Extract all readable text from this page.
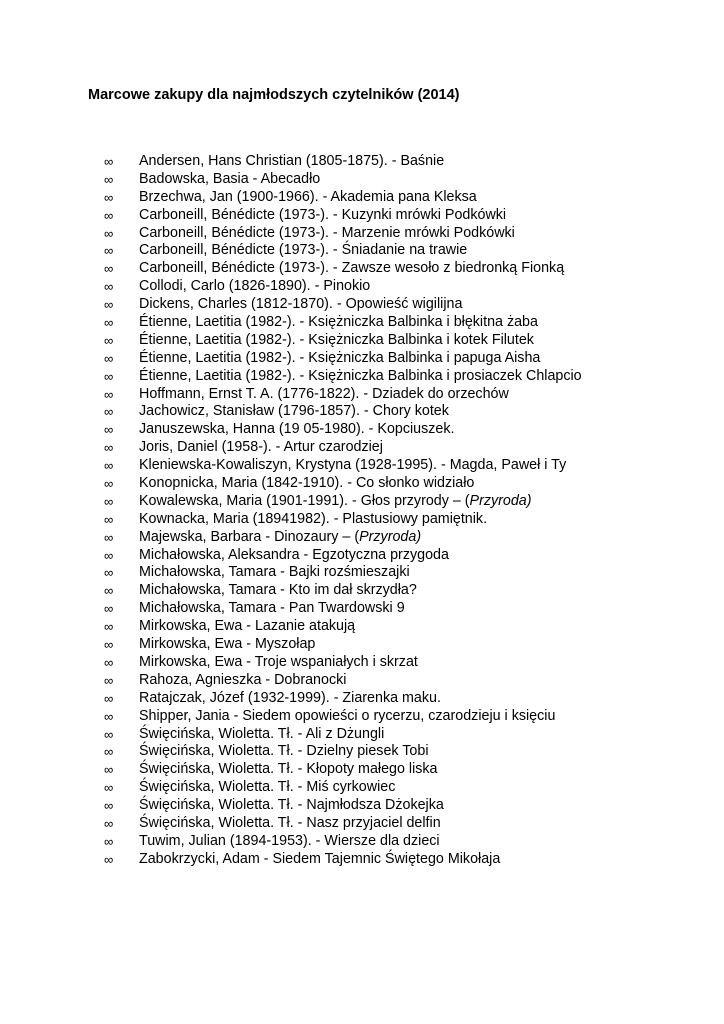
Marcowe zakupy dla najmłodszych czytelników (2014)
∞	Andersen, Hans Christian (1805-1875). - Baśnie
∞	Badowska, Basia - Abecadło
∞	Brzechwa, Jan (1900-1966). - Akademia pana Kleksa
∞	Carboneill, Bénédicte (1973-). - Kuzynki mrówki Podkówki
∞	Carboneill, Bénédicte (1973-). - Marzenie mrówki Podkówki
∞	Carboneill, Bénédicte (1973-). - Śniadanie na trawie
∞	Carboneill, Bénédicte (1973-). - Zawsze wesoło z biedronką Fionką
∞	Collodi, Carlo (1826-1890). - Pinokio
∞	Dickens, Charles (1812-1870). - Opowieść wigilijna
∞	Étienne, Laetitia (1982-). - Księżniczka Balbinka i błękitna żaba
∞	Étienne, Laetitia (1982-). - Księżniczka Balbinka i kotek Filutek
∞	Étienne, Laetitia (1982-). - Księżniczka Balbinka i papuga Aisha
∞	Étienne, Laetitia (1982-). - Księżniczka Balbinka i prosiaczek Chlapcio
∞	Hoffmann, Ernst T. A. (1776-1822). - Dziadek do orzechów
∞	Jachowicz, Stanisław (1796-1857). - Chory kotek
∞	Januszewska, Hanna (19 05-1980). - Kopciuszek.
∞	Joris, Daniel (1958-). - Artur czarodziej
∞	Kleniewska-Kowaliszyn, Krystyna (1928-1995). - Magda, Paweł i Ty
∞	Konopnicka, Maria (1842-1910). - Co słonko widziało
∞	Kowalewska, Maria (1901-1991). - Głos przyrody – (Przyroda)
∞	Kownacka, Maria (18941982). - Plastusiowy pamiętnik.
∞	Majewska, Barbara - Dinozaury – (Przyroda)
∞	Michałowska, Aleksandra - Egzotyczna przygoda
∞	Michałowska, Tamara - Bajki rozśmieszajki
∞	Michałowska, Tamara - Kto im dał skrzydła?
∞	Michałowska, Tamara - Pan Twardowski 9
∞	Mirkowska, Ewa - Lazanie atakują
∞	Mirkowska, Ewa - Myszołap
∞	Mirkowska, Ewa - Troje wspaniałych i skrzat
∞	Rahoza, Agnieszka - Dobranocki
∞	Ratajczak, Józef (1932-1999). - Ziarenka maku.
∞	Shipper, Jania - Siedem opowieści o rycerzu, czarodzieju i księciu
∞	Święcińska, Wioletta. Tł. - Ali z Dżungli
∞	Święcińska, Wioletta. Tł. - Dzielny piesek Tobi
∞	Święcińska, Wioletta. Tł. - Kłopoty małego liska
∞	Święcińska, Wioletta. Tł. - Miś cyrkowiec
∞	Święcińska, Wioletta. Tł. - Najmłodsza Dżokejka
∞	Święcińska, Wioletta. Tł. - Nasz przyjaciel delfin
∞	Tuwim, Julian (1894-1953). - Wiersze dla dzieci
∞	Zabokrzycki, Adam - Siedem Tajemnic Świętego Mikołaja
